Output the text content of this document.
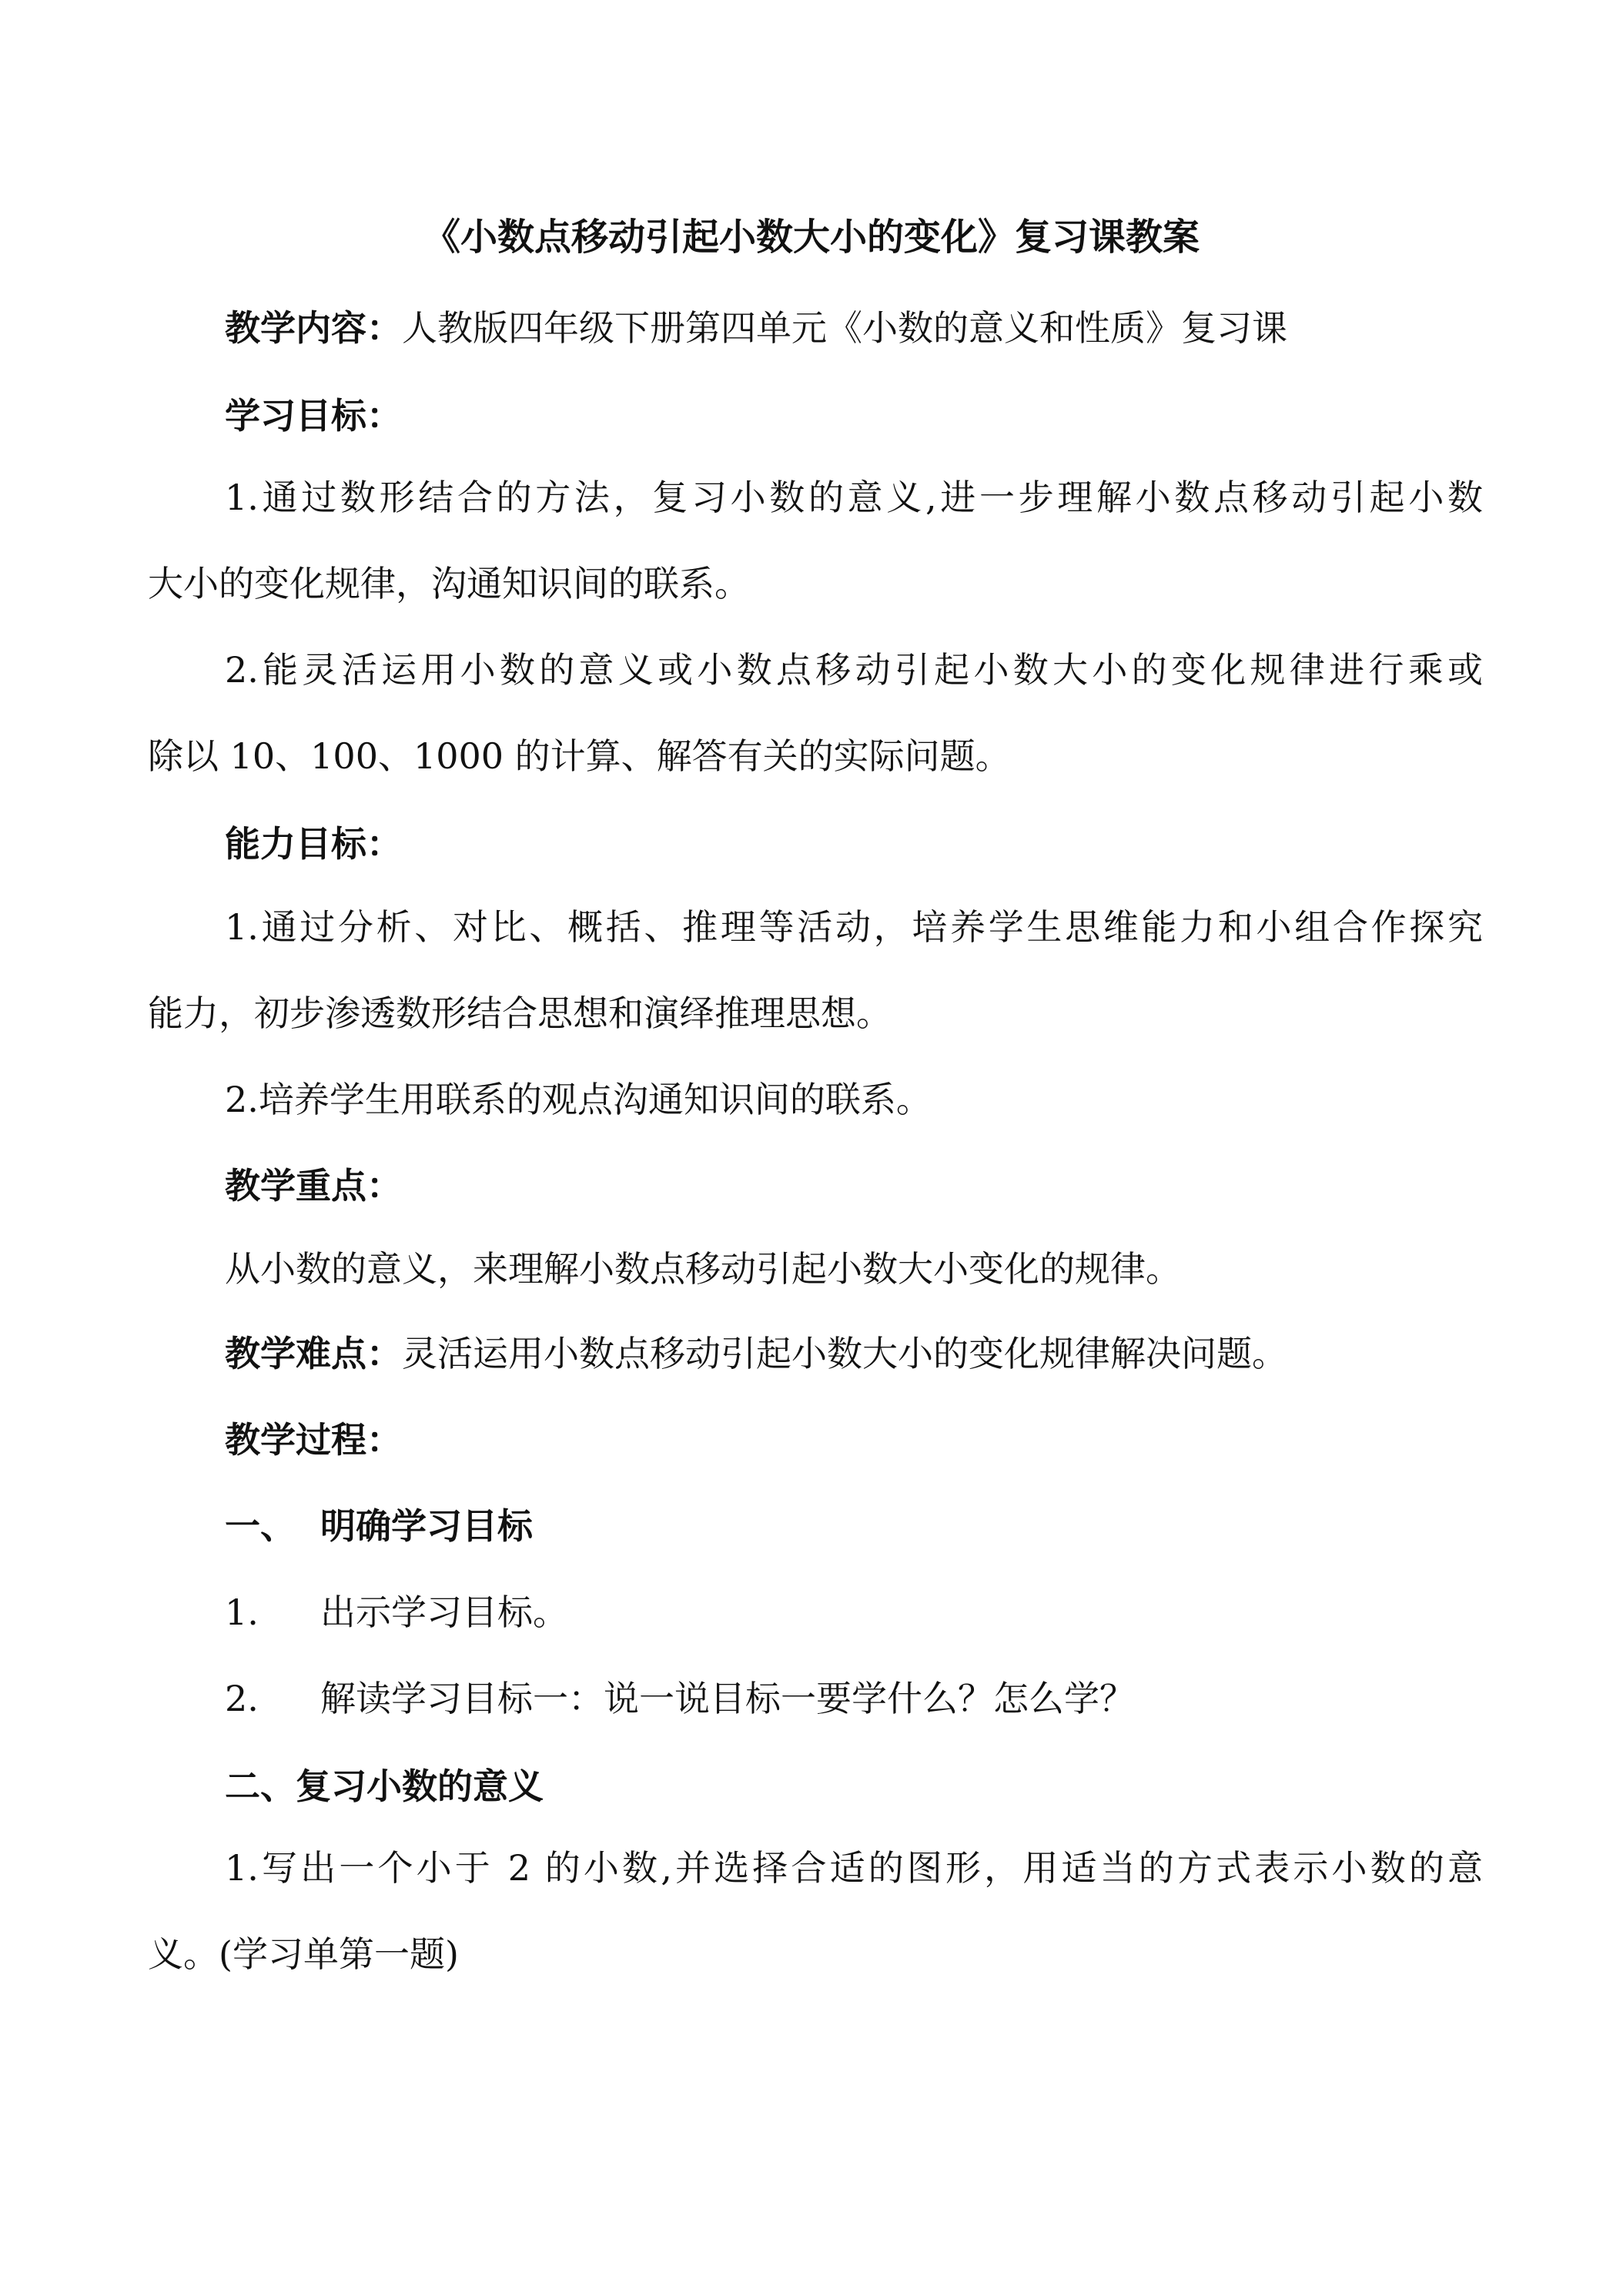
《小数点移动引起小数大小的变化》复习课教案
教学内容：人教版四年级下册第四单元《小数的意义和性质》复习课
学习目标：
1.通过数形结合的方法，复习小数的意义,进一步理解小数点移动引起小数
大小的变化规律，沟通知识间的联系。
2.能灵活运用小数的意义或小数点移动引起小数大小的变化规律进行乘或
除以 10、100、1000 的计算、解答有关的实际问题。
能力目标：
1.通过分析、对比、概括、推理等活动，培养学生思维能力和小组合作探究
能力，初步渗透数形结合思想和演绎推理思想。
2.培养学生用联系的观点沟通知识间的联系。
教学重点：
从小数的意义，来理解小数点移动引起小数大小变化的规律。
教学难点：灵活运用小数点移动引起小数大小的变化规律解决问题。
教学过程：
一、  明确学习目标
1. 出示学习目标。
2. 解读学习目标一：说一说目标一要学什么？怎么学？
二、复习小数的意义
1.写出一个小于 2 的小数,并选择合适的图形，用适当的方式表示小数的意
义。(学习单第一题)
